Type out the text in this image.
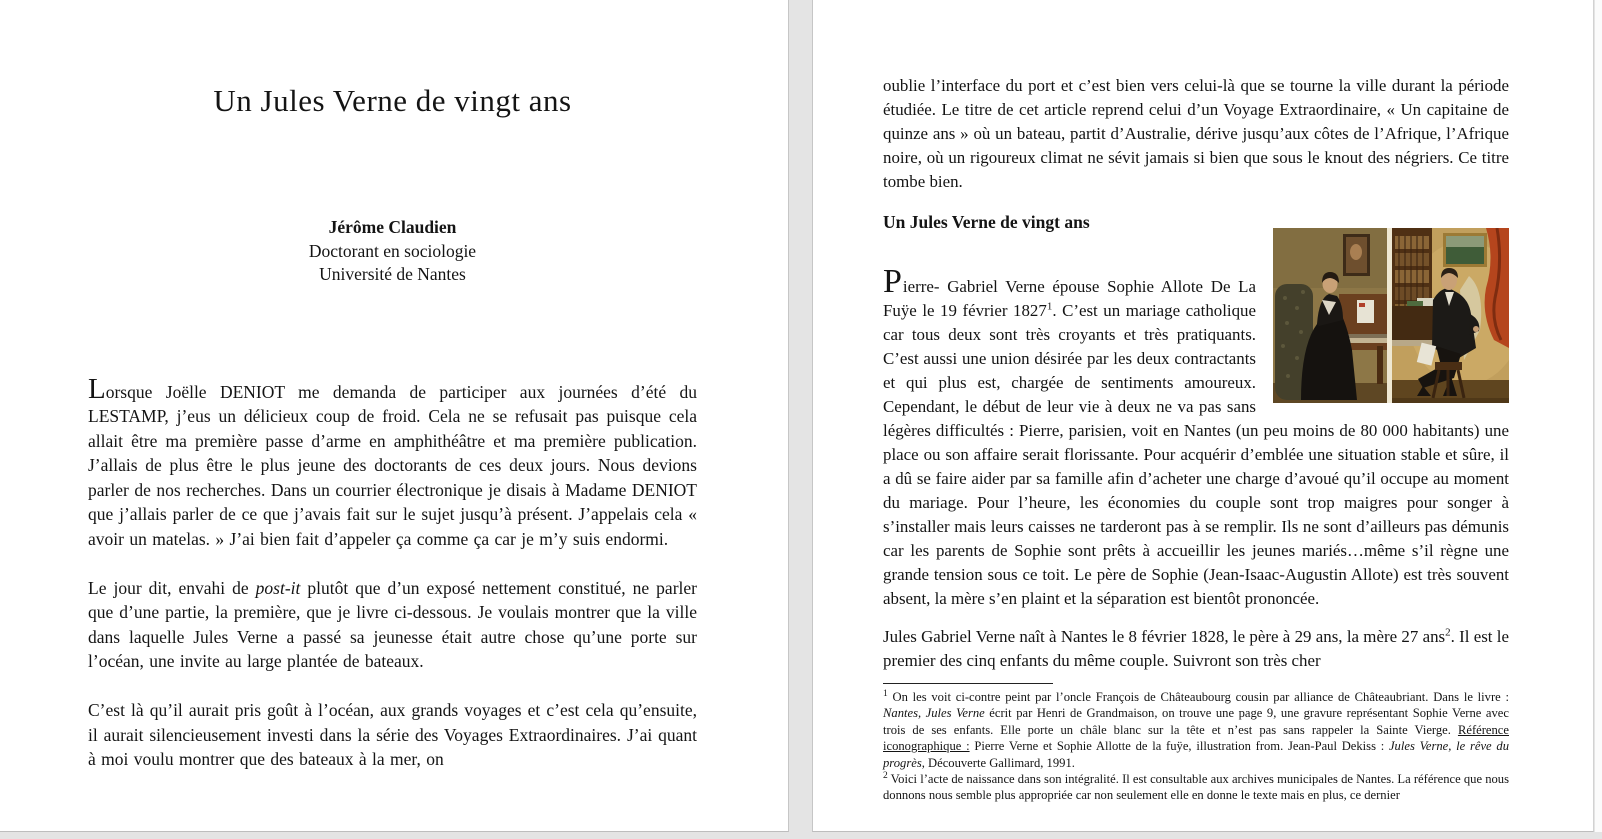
Un Jules Verne de vingt ans
Jérôme Claudien
Doctorant en sociologie
Université de Nantes

Lorsque Joëlle DENIOT me demanda de participer aux journées d’été du LESTAMP, j’eus un délicieux coup de froid. Cela ne se refusait pas puisque cela allait être ma première passe d’arme en amphithéâtre et ma première publication. J’allais de plus être le plus jeune des doctorants de ces deux jours. Nous devions parler de nos recherches. Dans un courrier électronique je disais à Madame DENIOT que j’allais parler de ce que j’avais fait sur le sujet jusqu’à présent. J’appelais cela « avoir un matelas. » J’ai bien fait d’appeler ça comme ça car je m’y suis endormi.

Le jour dit, envahi de post-it plutôt que d’un exposé nettement constitué, ne parler que d’une partie, la première, que je livre ci-dessous. Je voulais montrer que la ville dans laquelle Jules Verne a passé sa jeunesse était autre chose qu’une porte sur l’océan, une invite au large plantée de bateaux.

C’est là qu’il aurait pris goût à l’océan, aux grands voyages et c’est cela qu’ensuite, il aurait silencieusement investi dans la série des Voyages Extraordinaires. J’ai quant à moi voulu montrer que des bateaux à la mer, on

oublie l’interface du port et c’est bien vers celui-là que se tourne la ville durant la période étudiée. Le titre de cet article reprend celui d’un Voyage Extraordinaire, « Un capitaine de quinze ans » où un bateau, partit d’Australie, dérive jusqu’aux côtes de l’Afrique, l’Afrique noire, où un rigoureux climat ne sévit jamais si bien que sous le knout des négriers. Ce titre tombe bien.

Un Jules Verne de vingt ans

Pierre- Gabriel Verne épouse Sophie Allote De La Fuÿe le 19 février 1827$^1$. C’est un mariage catholique car tous deux sont très croyants et très pratiquants. C’est aussi une union désirée par les deux contractants et qui plus est, chargée de sentiments amoureux. Cependant, le début de leur vie à deux ne va pas sans légères difficultés : Pierre, parisien, voit en Nantes (un peu moins de 80 000 habitants) une place ou son affaire serait florissante. Pour acquérir d’emblée une situation stable et sûre, il a dû se faire aider par sa famille afin d’acheter une charge d’avoué qu’il occupe au moment du mariage. Pour l’heure, les économies du couple sont trop maigres pour songer à s’installer mais leurs caisses ne tarderont pas à se remplir. Ils ne sont d’ailleurs pas démunis car les parents de Sophie sont prêts à accueillir les jeunes mariés…même s’il règne une grande tension sous ce toit. Le père de Sophie (Jean-Isaac-Augustin Allote) est très souvent absent, la mère s’en plaint et la séparation est bientôt prononcée.

Jules Gabriel Verne naît à Nantes le 8 février 1828, le père à 29 ans, la mère 27 ans$^2$. Il est le premier des cinq enfants du même couple. Suivront son très cher

$^1$ On les voit ci-contre peint par l’oncle François de Châteaubourg cousin par alliance de Châteaubriant. Dans le livre : Nantes, Jules Verne écrit par Henri de Grandmaison, on trouve une page 9, une gravure représentant Sophie Verne avec trois de ses enfants. Elle porte un châle blanc sur la tête et n’est pas sans rappeler la Sainte Vierge. Référence iconographique : Pierre Verne et Sophie Allotte de la fuÿe, illustration from. Jean-Paul Dekiss : Jules Verne, le rêve du progrès, Découverte Gallimard, 1991.

$^2$ Voici l’acte de naissance dans son intégralité. Il est consultable aux archives municipales de Nantes. La référence que nous donnons nous semble plus appropriée car non seulement elle en donne le texte mais en plus, ce dernier
